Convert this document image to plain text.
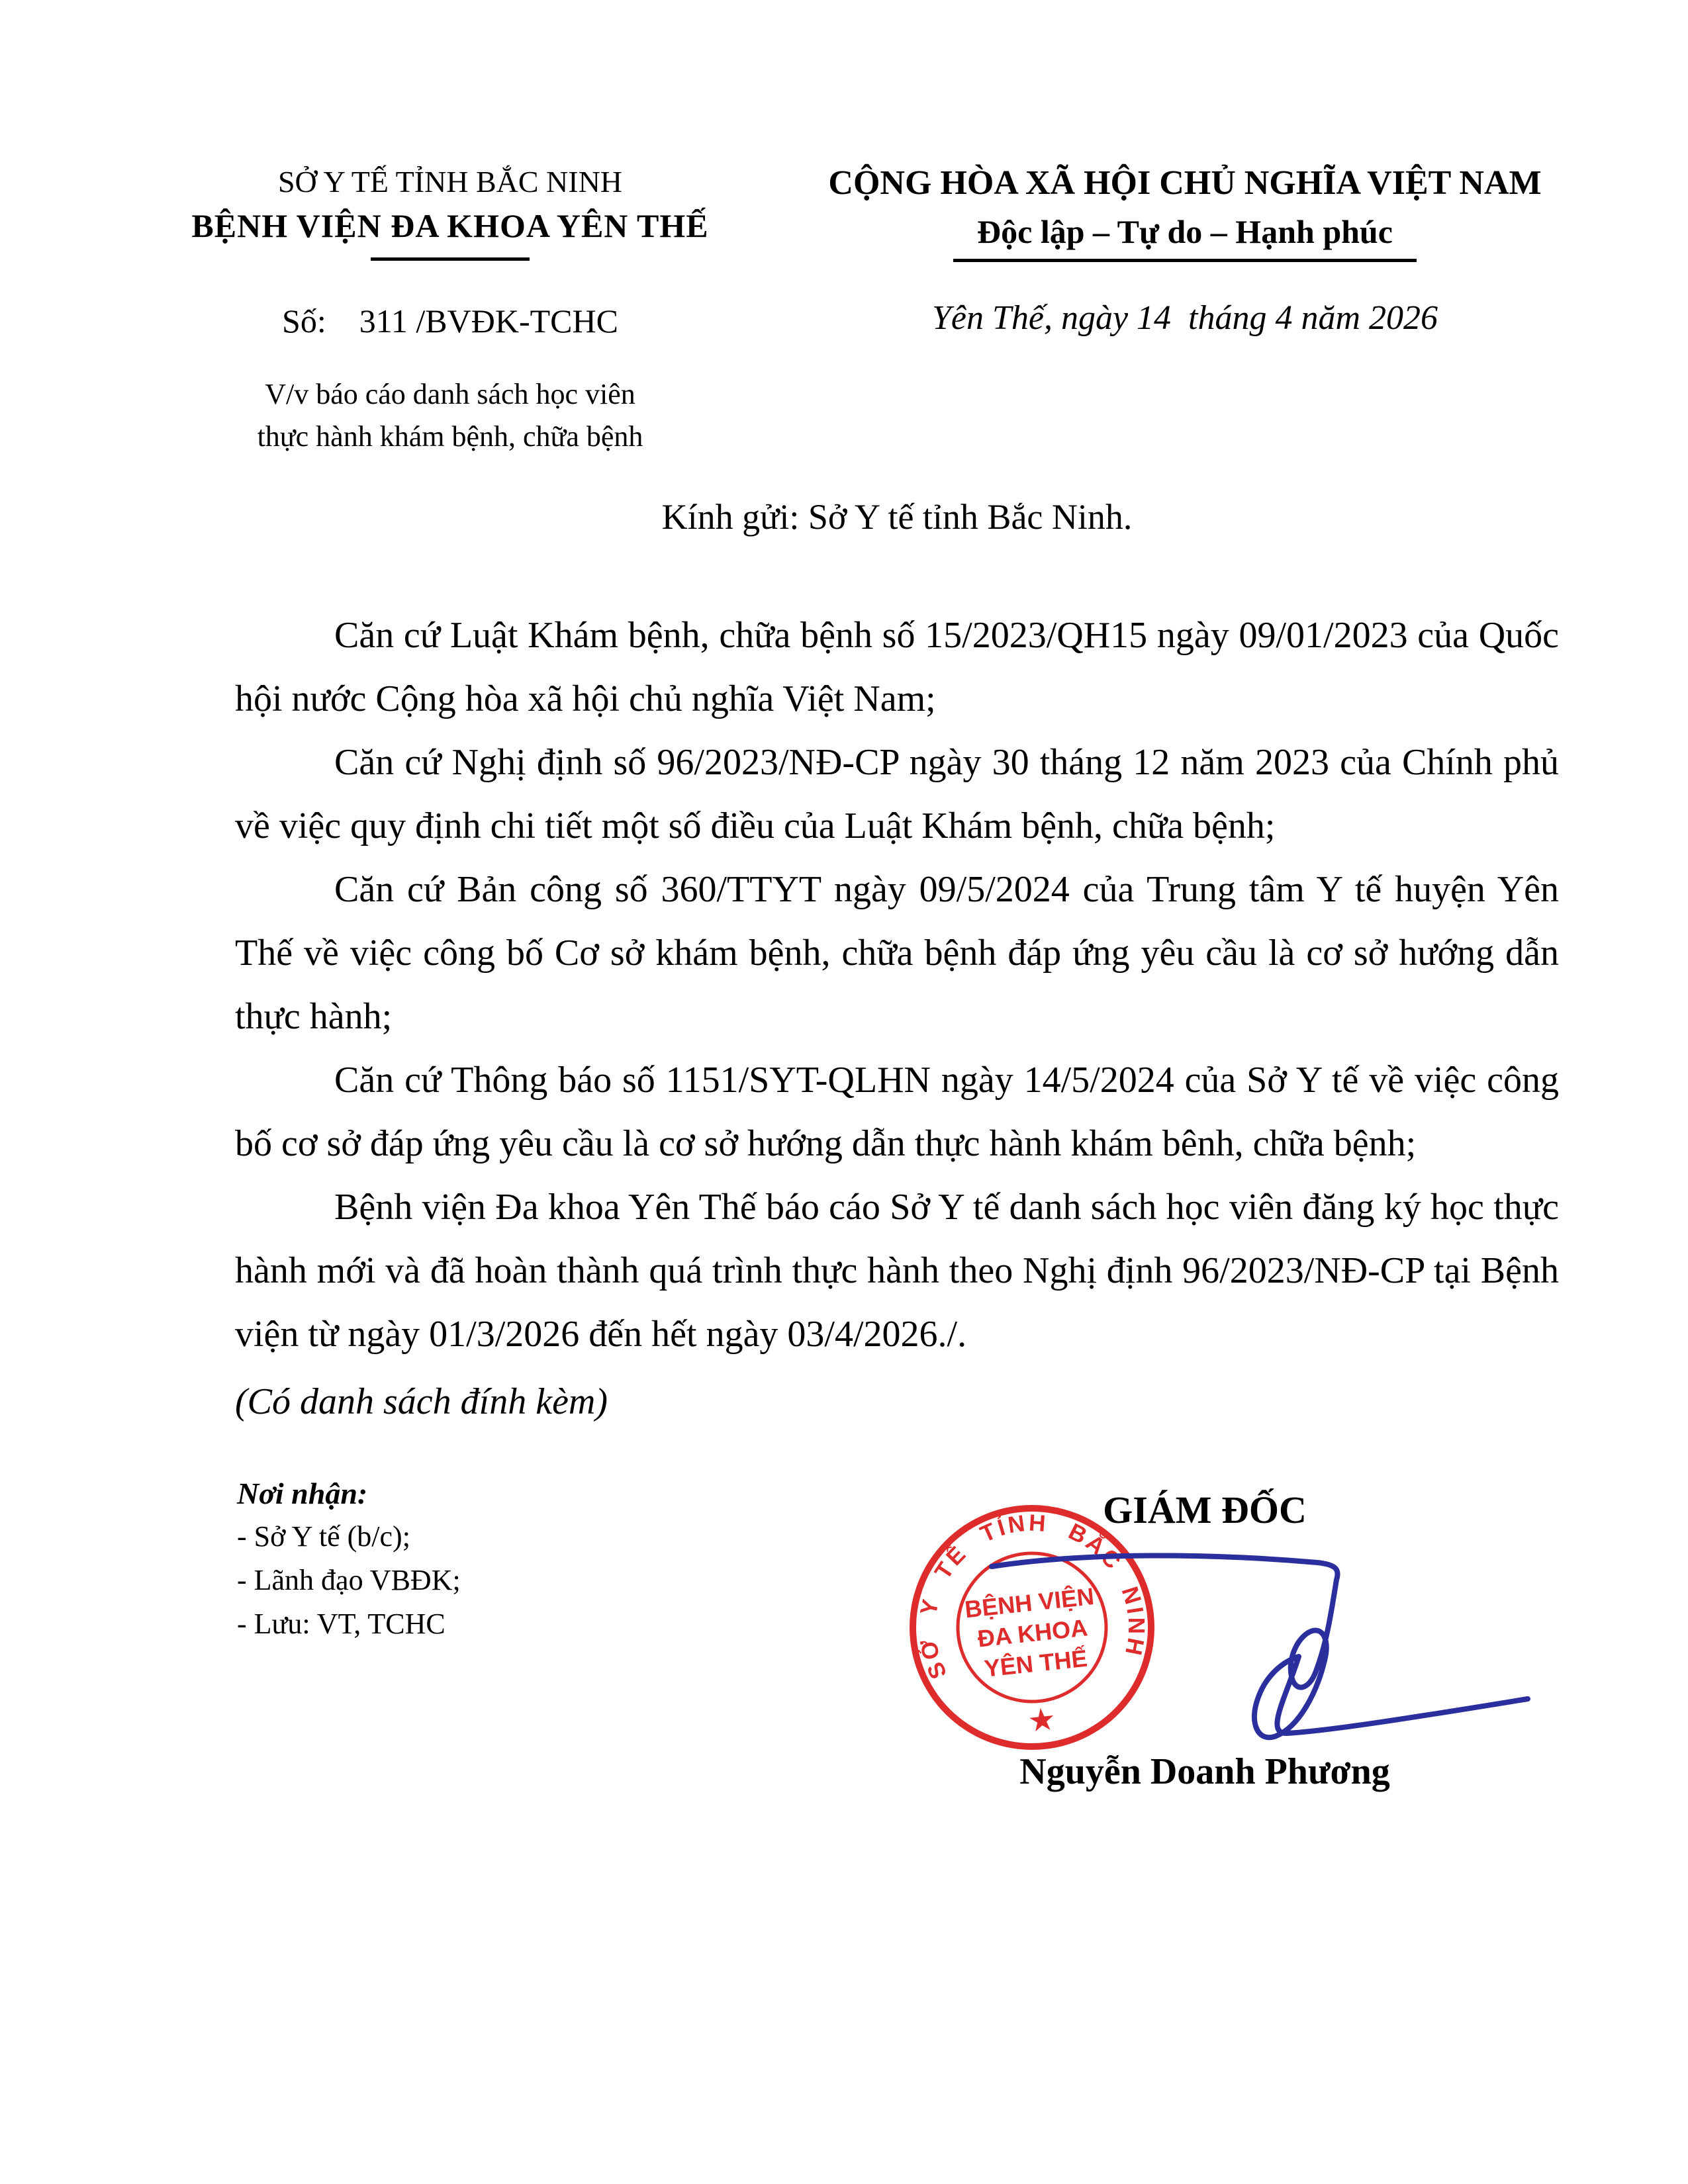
SỞ Y TẾ TỈNH BẮC NINH
BỆNH VIỆN ĐA KHOA YÊN THẾ
Số:    311 /BVĐK-TCHC
V/v báo cáo danh sách học viên
thực hành khám bệnh, chữa bệnh
CỘNG HÒA XÃ HỘI CHỦ NGHĨA VIỆT NAM
Độc lập – Tự do – Hạnh phúc
Yên Thế, ngày 14  tháng 4 năm 2026
Kính gửi: Sở Y tế tỉnh Bắc Ninh.

Căn cứ Luật Khám bệnh, chữa bệnh số 15/2023/QH15 ngày 09/01/2023 của Quốc hội nước Cộng hòa xã hội chủ nghĩa Việt Nam;

Căn cứ Nghị định số 96/2023/NĐ-CP ngày 30 tháng 12 năm 2023 của Chính phủ về việc quy định chi tiết một số điều của Luật Khám bệnh, chữa bệnh;

Căn cứ Bản công số 360/TTYT ngày 09/5/2024 của Trung tâm Y tế huyện Yên Thế về việc công bố Cơ sở khám bệnh, chữa bệnh đáp ứng yêu cầu là cơ sở hướng dẫn thực hành;

Căn cứ Thông báo số 1151/SYT-QLHN ngày 14/5/2024 của Sở Y tế về việc công bố cơ sở đáp ứng yêu cầu là cơ sở hướng dẫn thực hành khám bênh, chữa bệnh;

Bệnh viện Đa khoa Yên Thế báo cáo Sở Y tế danh sách học viên đăng ký học thực hành mới và đã hoàn thành quá trình thực hành theo Nghị định 96/2023/NĐ-CP tại Bệnh viện từ ngày 01/3/2026 đến hết ngày 03/4/2026./.

(Có danh sách đính kèm)

Nơi nhận:
- Sở Y tế (b/c);
- Lãnh đạo VBĐK;
- Lưu: VT, TCHC
GIÁM ĐỐC
SỞ Y TẾ TỈNH BẮC NINH
BỆNH VIỆN
ĐA KHOA
YÊN THẾ
★
Nguyễn Doanh Phương
